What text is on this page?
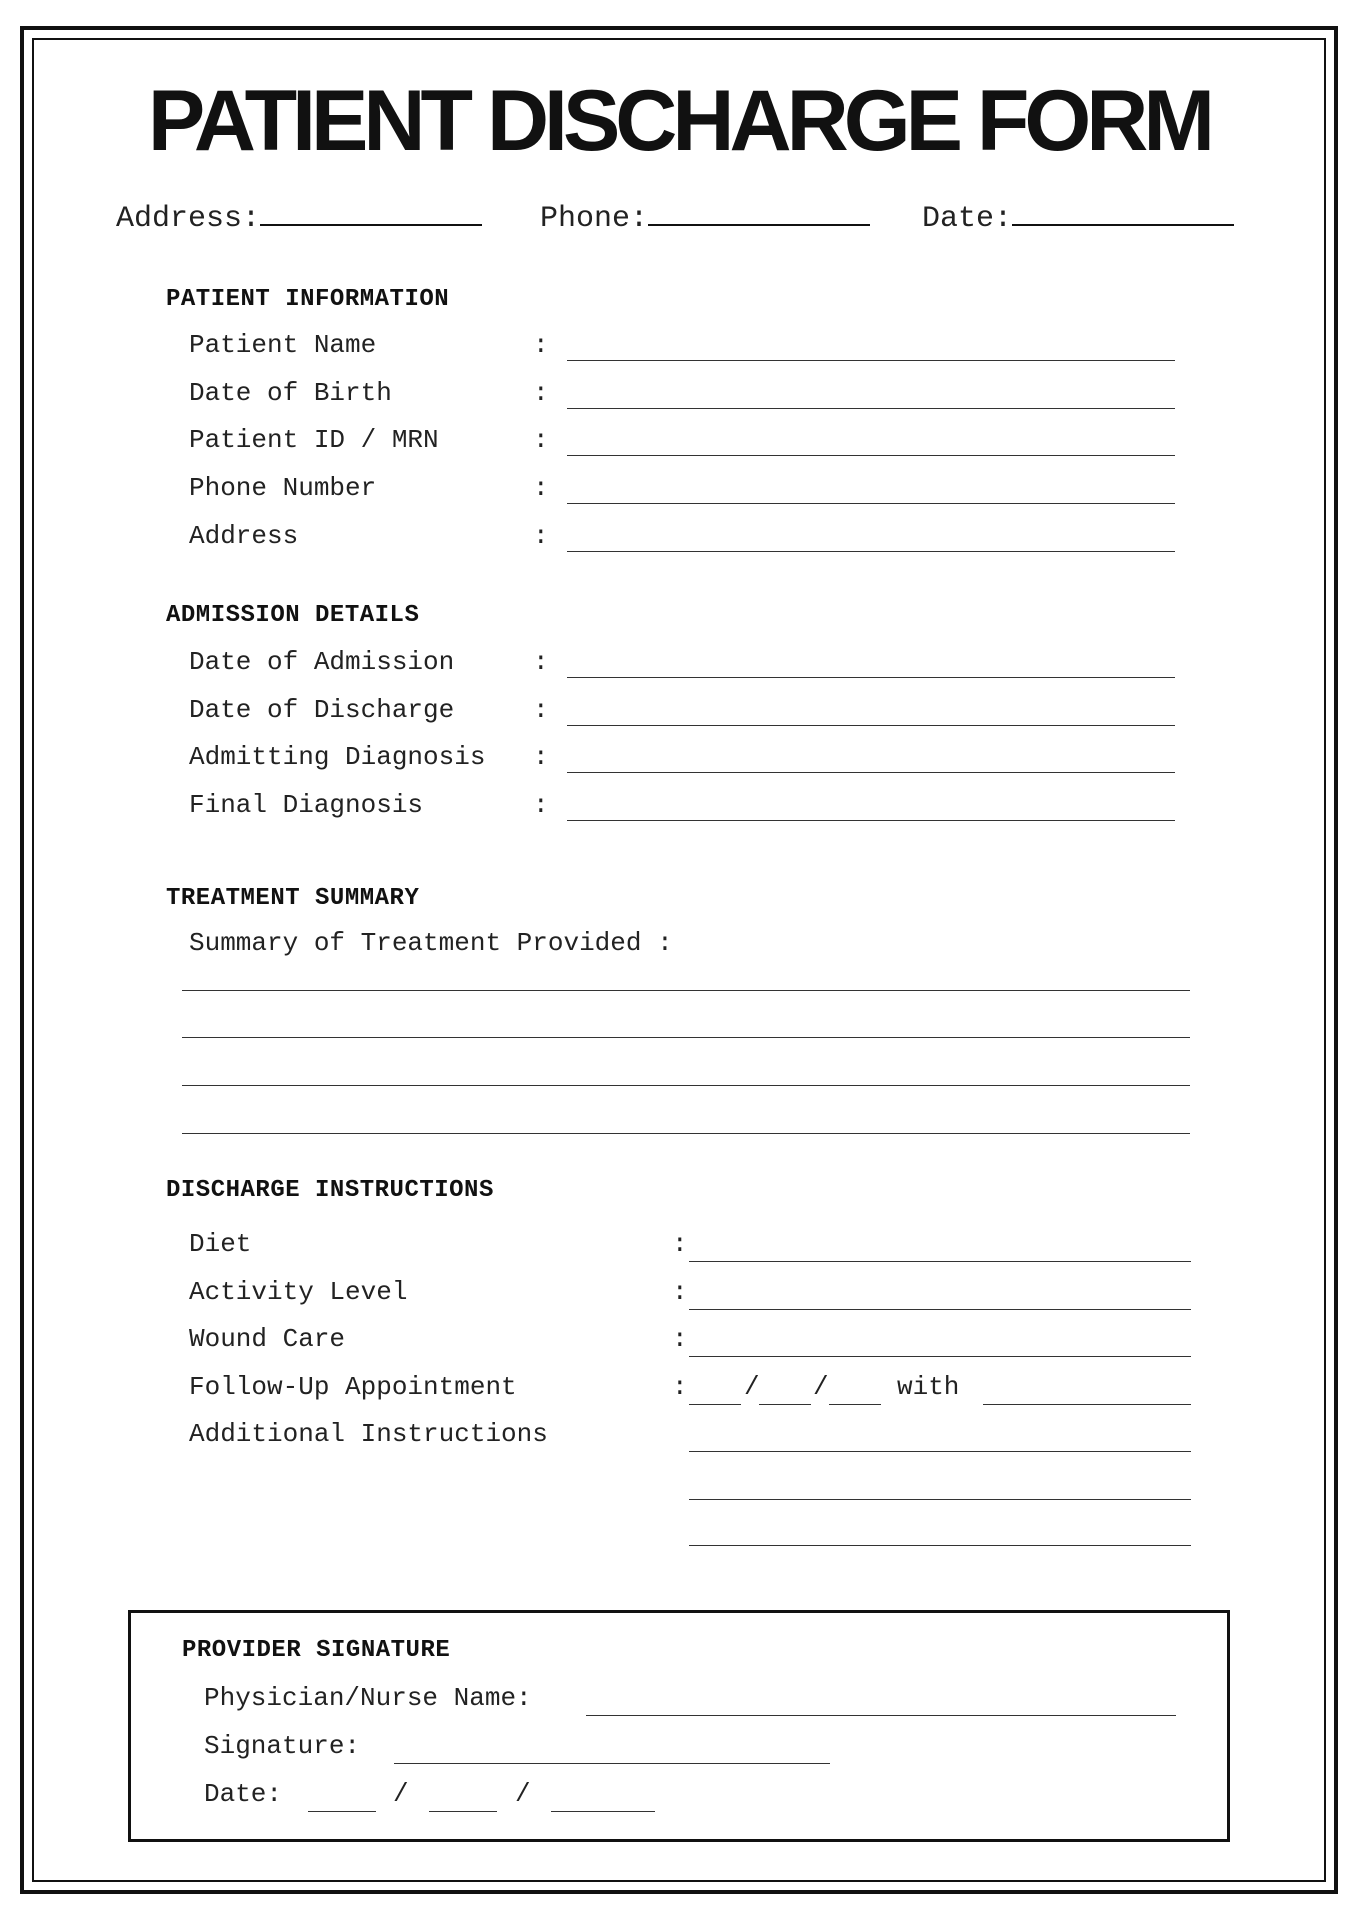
PATIENT DISCHARGE FORM
Address:	Phone:	Date:
PATIENT INFORMATION
Patient Name	:
Date of Birth	:
Patient ID / MRN	:
Phone Number	:
Address	:
ADMISSION DETAILS
Date of Admission	:
Date of Discharge	:
Admitting Diagnosis :
Final Diagnosis	:
TREATMENT SUMMARY
Summary of Treatment Provided :
DISCHARGE INSTRUCTIONS
Diet	:
Activity Level	:
Wound Care	:
Follow-Up Appointment	: / /	with
Additional Instructions
PROVIDER SIGNATURE
Physician/Nurse Name:
Signature:
Date:	/	/
